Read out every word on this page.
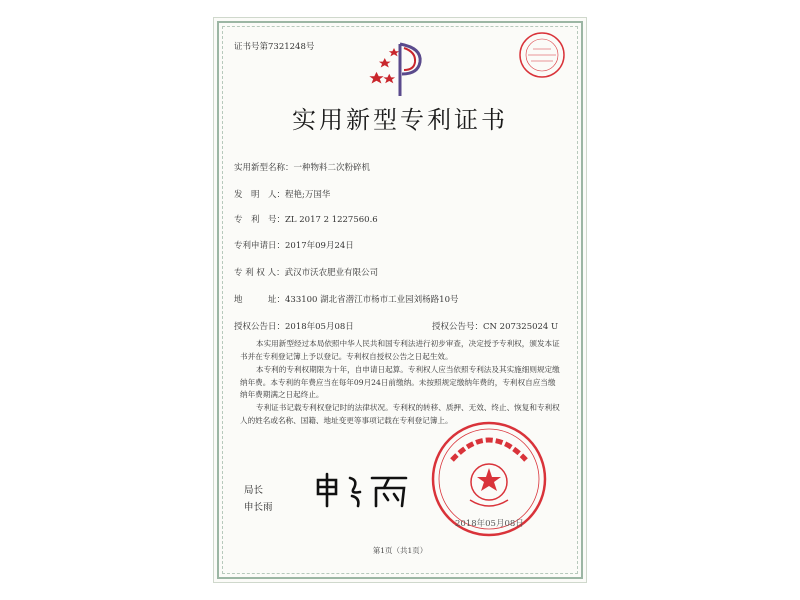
证书号第7321248号
实用新型专利证书
实用新型名称：一种物料二次粉碎机
发　明　人：程艳;万国华
专　利　号：ZL 2017 2 1227560.6
专利申请日：2017年09月24日
专 利 权 人：武汉市沃农肥业有限公司
地　　　址：433100 湖北省潜江市杨市工业园刘杨路10号
授权公告日：2018年05月08日	授权公告号：CN 207325024 U
本实用新型经过本局依照中华人民共和国专利法进行初步审查，决定授予专利权，颁发本证书并在专利登记簿上予以登记。专利权自授权公告之日起生效。
本专利的专利权期限为十年，自申请日起算。专利权人应当依照专利法及其实施细则规定缴纳年费。本专利的年费应当在每年09月24日前缴纳。未按照规定缴纳年费的，专利权自应当缴纳年费期满之日起终止。
专利证书记载专利权登记时的法律状况。专利权的转移、质押、无效、终止、恢复和专利权人的姓名或名称、国籍、地址变更等事项记载在专利登记簿上。
局长
申长雨
2018年05月08日
第1页（共1页）
